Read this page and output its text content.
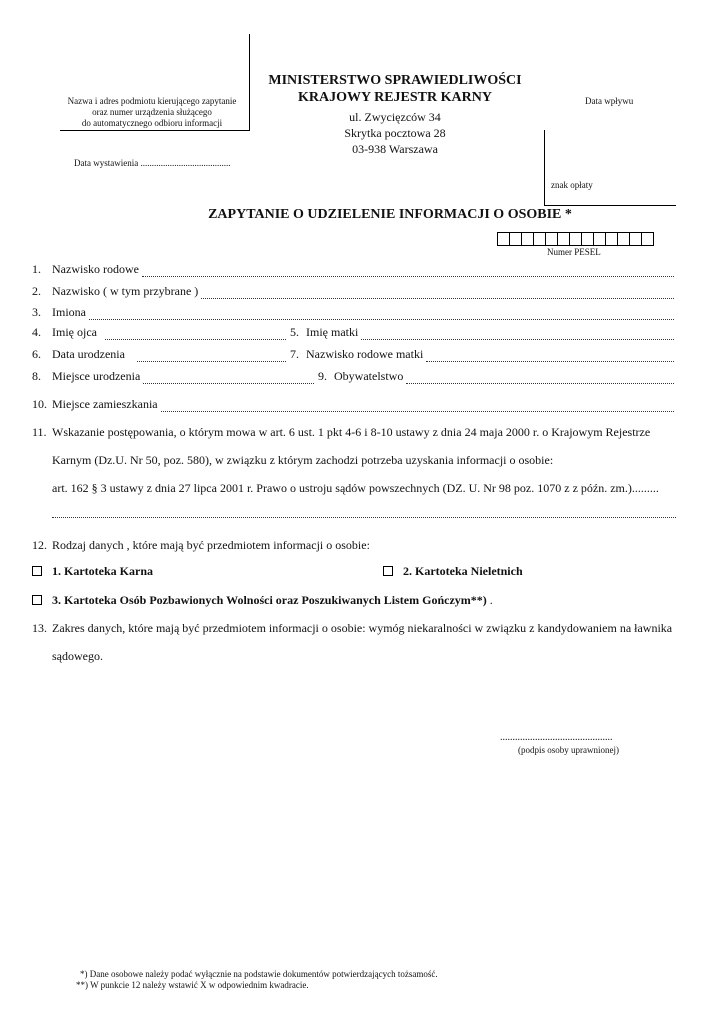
Nazwa i adres podmiotu kierującego zapytanie
oraz numer urządzenia służącego
do automatycznego odbioru informacji
Data wystawienia ........................................
MINISTERSTWO SPRAWIEDLIWOŚCI
KRAJOWY REJESTR KARNY
ul. Zwycięzców 34
Skrytka pocztowa 28
03-938 Warszawa
Data wpływu
znak opłaty
ZAPYTANIE O UDZIELENIE INFORMACJI O OSOBIE *
Numer PESEL
1. Nazwisko rodowe
2. Nazwisko ( w tym przybrane )
3. Imiona
4. Imię ojca	5. Imię matki
6. Data urodzenia	7. Nazwisko rodowe matki
8. Miejsce urodzenia	9. Obywatelstwo
10. Miejsce zamieszkania
11. Wskazanie postępowania, o którym mowa w art. 6 ust. 1 pkt 4-6 i 8-10 ustawy z dnia 24 maja 2000 r. o Krajowym Rejestrze
Karnym (Dz.U. Nr 50, poz. 580), w związku z którym zachodzi potrzeba uzyskania informacji o osobie:
art. 162 § 3 ustawy z dnia 27 lipca 2001 r. Prawo o ustroju sądów powszechnych (DZ. U. Nr 98 poz. 1070 z z późn. zm.).........
12. Rodzaj danych , które mają być przedmiotem informacji o osobie:
1. Kartoteka Karna	2. Kartoteka Nieletnich
3. Kartoteka Osób Pozbawionych Wolności oraz Poszukiwanych Listem Gończym**) .
13. Zakres danych, które mają być przedmiotem informacji o osobie: wymóg niekaralności w związku z kandydowaniem na ławnika
sądowego.
.............................................
(podpis osoby uprawnionej)
*) Dane osobowe należy podać wyłącznie na podstawie dokumentów potwierdzających tożsamość.
**) W punkcie 12 należy wstawić X w odpowiednim kwadracie.
